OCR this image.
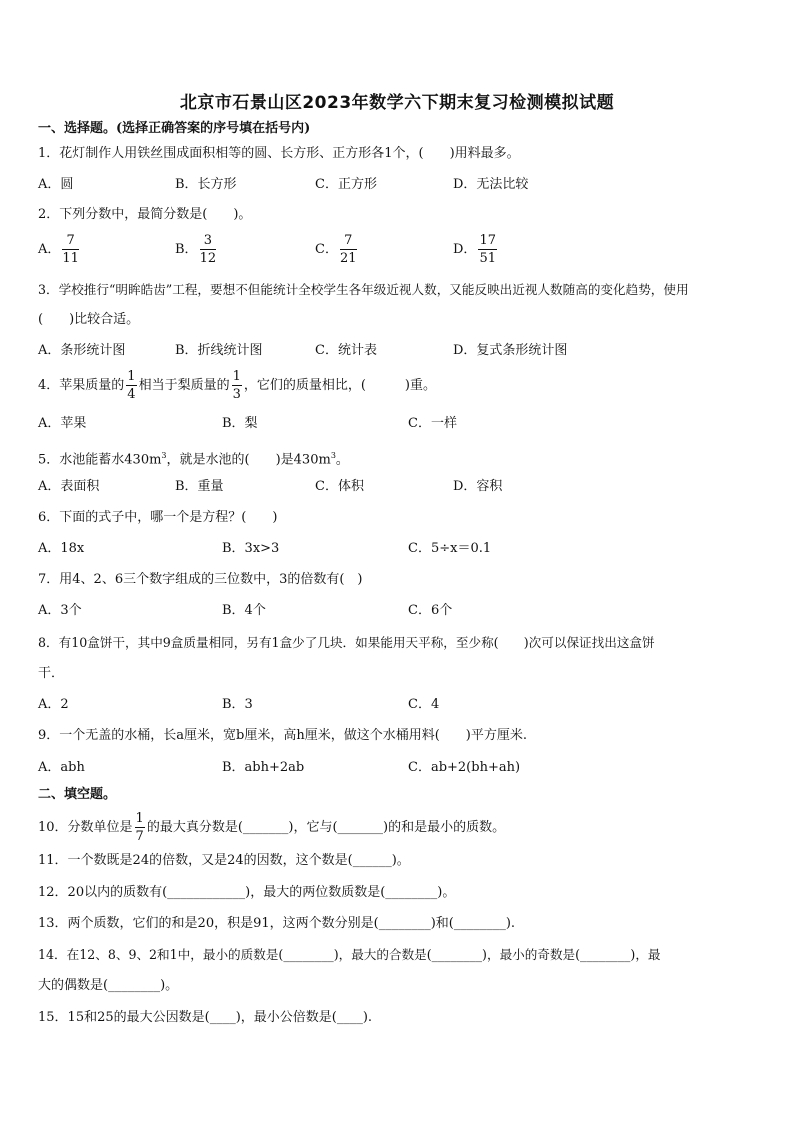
北京市石景山区2023年数学六下期末复习检测模拟试题
一、选择题。(选择正确答案的序号填在括号内)
1．花灯制作人用铁丝围成面积相等的圆、长方形、正方形各1个，(　　)用料最多。
A．圆	B．长方形	C．正方形	D．无法比较
2．下列分数中，最简分数是(　　)。
A． $\frac{7}{11}$	B． $\frac{3}{12}$	C． $\frac{7}{21}$	D． $\frac{17}{51}$
3．学校推行“明眸皓齿”工程，要想不但能统计全校学生各年级近视人数，又能反映出近视人数随高的变化趋势，使用
(　　)比较合适。
A．条形统计图	B．折线统计图	C．统计表	D．复式条形统计图
4．苹果质量的 $\frac{1}{4}$ 相当于梨质量的 $\frac{1}{3}$ ，它们的质量相比，(　　　)重。
A．苹果	B．梨	C．一样
5．水池能蓄水$430m^3$，就是水池的(　　)是$430m^3$。
A．表面积	B．重量	C．体积	D．容积
6．下面的式子中，哪一个是方程？(　　)
A．18x	B．3x>3	C．5÷x＝0.1
7．用4、2、6三个数字组成的三位数中，3的倍数有(　)
A．3个	B．4个	C．6个
8．有10盒饼干，其中9盒质量相同，另有1盒少了几块．如果能用天平称，至少称(　　)次可以保证找出这盒饼
干．
A．2	B．3	C．4
9．一个无盖的水桶，长a厘米，宽b厘米，高h厘米，做这个水桶用料(　　)平方厘米.
A．abh	B．abh+2ab	C．ab+2(bh+ah)
二、填空题。
10．分数单位是 $\frac{1}{7}$ 的最大真分数是(_______)，它与(_______)的和是最小的质数。
11．一个数既是24的倍数，又是24的因数，这个数是(______)。
12．20以内的质数有(____________)，最大的两位数质数是(________)。
13．两个质数，它们的和是20，积是91，这两个数分别是(________)和(________).
14．在12、8、9、2和1中，最小的质数是(________)，最大的合数是(________)，最小的奇数是(________)，最
大的偶数是(________)。
15．15和25的最大公因数是(____)，最小公倍数是(____).
